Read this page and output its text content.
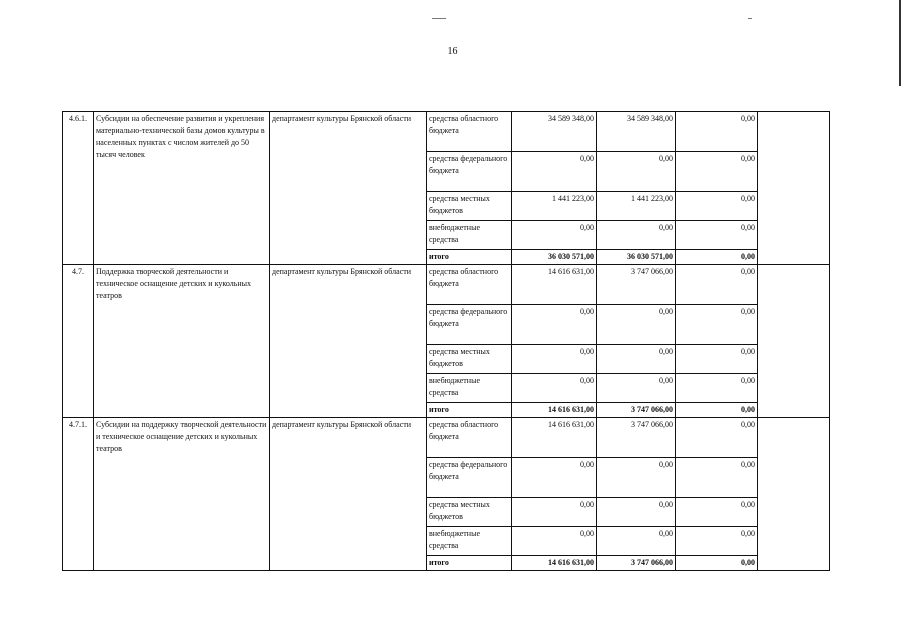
16
4.6.1.	Субсидии на обеспечение развития и укрепления материально-технической базы домов культуры в населенных пунктах с числом жителей до 50 тысяч человек	департамент культуры Брянской области	средства областного бюджета	34 589 348,00	34 589 348,00	0,00	
			средства федерального бюджета	0,00	0,00	0,00	
			средства местных бюджетов	1 441 223,00	1 441 223,00	0,00	
			внебюджетные средства	0,00	0,00	0,00	
			итого	36 030 571,00	36 030 571,00	0,00	
4.7.	Поддержка творческой деятельности и техническое оснащение детских и кукольных театров	департамент культуры Брянской области	средства областного бюджета	14 616 631,00	3 747 066,00	0,00	
			средства федерального бюджета	0,00	0,00	0,00	
			средства местных бюджетов	0,00	0,00	0,00	
			внебюджетные средства	0,00	0,00	0,00	
			итого	14 616 631,00	3 747 066,00	0,00	
4.7.1.	Субсидии на поддержку творческой деятельности и техническое оснащение детских и кукольных театров	департамент культуры Брянской области	средства областного бюджета	14 616 631,00	3 747 066,00	0,00	
			средства федерального бюджета	0,00	0,00	0,00	
			средства местных бюджетов	0,00	0,00	0,00	
			внебюджетные средства	0,00	0,00	0,00	
			итого	14 616 631,00	3 747 066,00	0,00	
